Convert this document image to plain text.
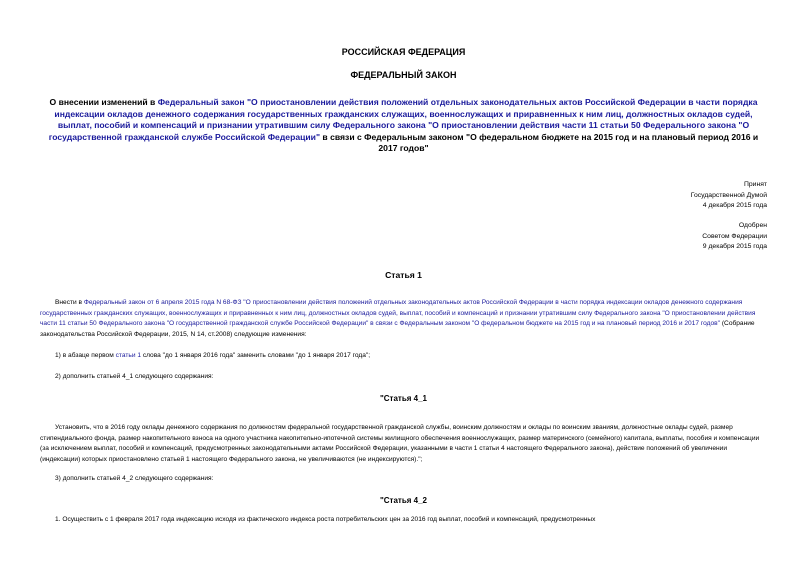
РОССИЙСКАЯ ФЕДЕРАЦИЯ
ФЕДЕРАЛЬНЫЙ ЗАКОН
О внесении изменений в Федеральный закон "О приостановлении действия положений отдельных законодательных актов Российской Федерации в части порядка индексации окладов денежного содержания государственных гражданских служащих, военнослужащих и приравненных к ним лиц, должностных окладов судей, выплат, пособий и компенсаций и признании утратившим силу Федерального закона "О приостановлении действия части 11 статьи 50 Федерального закона "О государственной гражданской службе Российской Федерации" в связи с Федеральным законом "О федеральном бюджете на 2015 год и на плановый период 2016 и 2017 годов"
Принят
Государственной Думой
4 декабря 2015 года
Одобрен
Советом Федерации
9 декабря 2015 года
Статья 1
Внести в Федеральный закон от 6 апреля 2015 года N 68-ФЗ "О приостановлении действия положений отдельных законодательных актов Российской Федерации в части порядка индексации окладов денежного содержания государственных гражданских служащих, военнослужащих и приравненных к ним лиц, должностных окладов судей, выплат, пособий и компенсаций и признании утратившим силу Федерального закона "О приостановлении действия части 11 статьи 50 Федерального закона "О государственной гражданской службе Российской Федерации" в связи с Федеральным законом "О федеральном бюджете на 2015 год и на плановый период 2016 и 2017 годов" (Собрание законодательства Российской Федерации, 2015, N 14, ст.2008) следующие изменения:
1) в абзаце первом статьи 1 слова "до 1 января 2016 года" заменить словами "до 1 января 2017 года";
2) дополнить статьей 4_1 следующего содержания:
"Статья 4_1
Установить, что в 2016 году оклады денежного содержания по должностям федеральной государственной гражданской службы, воинским должностям и оклады по воинским званиям, должностные оклады судей, размер стипендиального фонда, размер накопительного взноса на одного участника накопительно-ипотечной системы жилищного обеспечения военнослужащих, размер материнского (семейного) капитала, выплаты, пособия и компенсации (за исключением выплат, пособий и компенсаций, предусмотренных законодательными актами Российской Федерации, указанными в части 1 статьи 4 настоящего Федерального закона), действие положений об увеличении (индексации) которых приостановлено статьей 1 настоящего Федерального закона, не увеличиваются (не индексируются).";
3) дополнить статьей 4_2 следующего содержания:
"Статья 4_2
1. Осуществить с 1 февраля 2017 года индексацию исходя из фактического индекса роста потребительских цен за 2016 год выплат, пособий и компенсаций, предусмотренных
